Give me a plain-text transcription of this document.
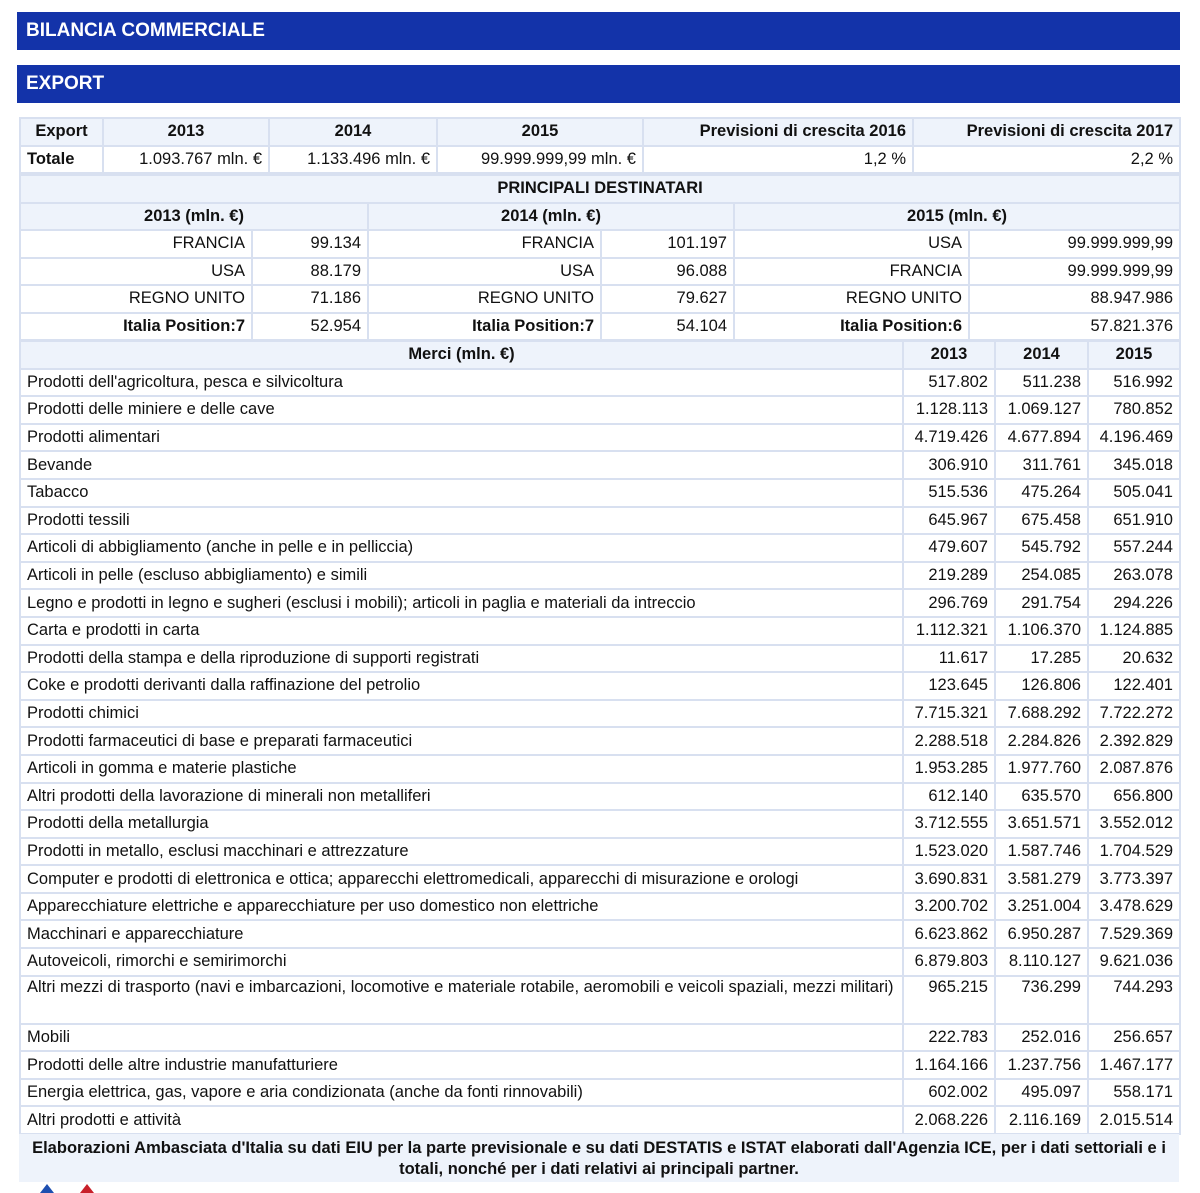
BILANCIA COMMERCIALE
EXPORT
Export	2013	2014	2015	Previsioni di crescita 2016	Previsioni di crescita 2017
Totale	1.093.767 mln. €	1.133.496 mln. €	99.999.999,99 mln. €	1,2 %	2,2 %
PRINCIPALI DESTINATARI					
2013 (mln. €)		2014 (mln. €)		2015 (mln. €)	
FRANCIA	99.134	FRANCIA	101.197	USA	99.999.999,99
USA	88.179	USA	96.088	FRANCIA	99.999.999,99
REGNO UNITO	71.186	REGNO UNITO	79.627	REGNO UNITO	88.947.986
Italia Position:7	52.954	Italia Position:7	54.104	Italia Position:6	57.821.376
Merci (mln. €)	2013	2014	2015
Prodotti dell'agricoltura, pesca e silvicoltura	517.802	511.238	516.992
Prodotti delle miniere e delle cave	1.128.113	1.069.127	780.852
Prodotti alimentari	4.719.426	4.677.894	4.196.469
Bevande	306.910	311.761	345.018
Tabacco	515.536	475.264	505.041
Prodotti tessili	645.967	675.458	651.910
Articoli di abbigliamento (anche in pelle e in pelliccia)	479.607	545.792	557.244
Articoli in pelle (escluso abbigliamento) e simili	219.289	254.085	263.078
Legno e prodotti in legno e sugheri (esclusi i mobili); articoli in paglia e materiali da intreccio	296.769	291.754	294.226
Carta e prodotti in carta	1.112.321	1.106.370	1.124.885
Prodotti della stampa e della riproduzione di supporti registrati	11.617	17.285	20.632
Coke e prodotti derivanti dalla raffinazione del petrolio	123.645	126.806	122.401
Prodotti chimici	7.715.321	7.688.292	7.722.272
Prodotti farmaceutici di base e preparati farmaceutici	2.288.518	2.284.826	2.392.829
Articoli in gomma e materie plastiche	1.953.285	1.977.760	2.087.876
Altri prodotti della lavorazione di minerali non metalliferi	612.140	635.570	656.800
Prodotti della metallurgia	3.712.555	3.651.571	3.552.012
Prodotti in metallo, esclusi macchinari e attrezzature	1.523.020	1.587.746	1.704.529
Computer e prodotti di elettronica e ottica; apparecchi elettromedicali, apparecchi di misurazione e orologi	3.690.831	3.581.279	3.773.397
Apparecchiature elettriche e apparecchiature per uso domestico non elettriche	3.200.702	3.251.004	3.478.629
Macchinari e apparecchiature	6.623.862	6.950.287	7.529.369
Autoveicoli, rimorchi e semirimorchi	6.879.803	8.110.127	9.621.036
Altri mezzi di trasporto (navi e imbarcazioni, locomotive e materiale rotabile, aeromobili e veicoli spaziali, mezzi militari)	965.215	736.299	744.293
Mobili	222.783	252.016	256.657
Prodotti delle altre industrie manufatturiere	1.164.166	1.237.756	1.467.177
Energia elettrica, gas, vapore e aria condizionata (anche da fonti rinnovabili)	602.002	495.097	558.171
Altri prodotti e attività	2.068.226	2.116.169	2.015.514
Elaborazioni Ambasciata d'Italia su dati EIU per la parte previsionale e su dati DESTATIS e ISTAT elaborati dall'Agenzia ICE, per i dati settoriali e i totali, nonché per i dati relativi ai principali partner.
